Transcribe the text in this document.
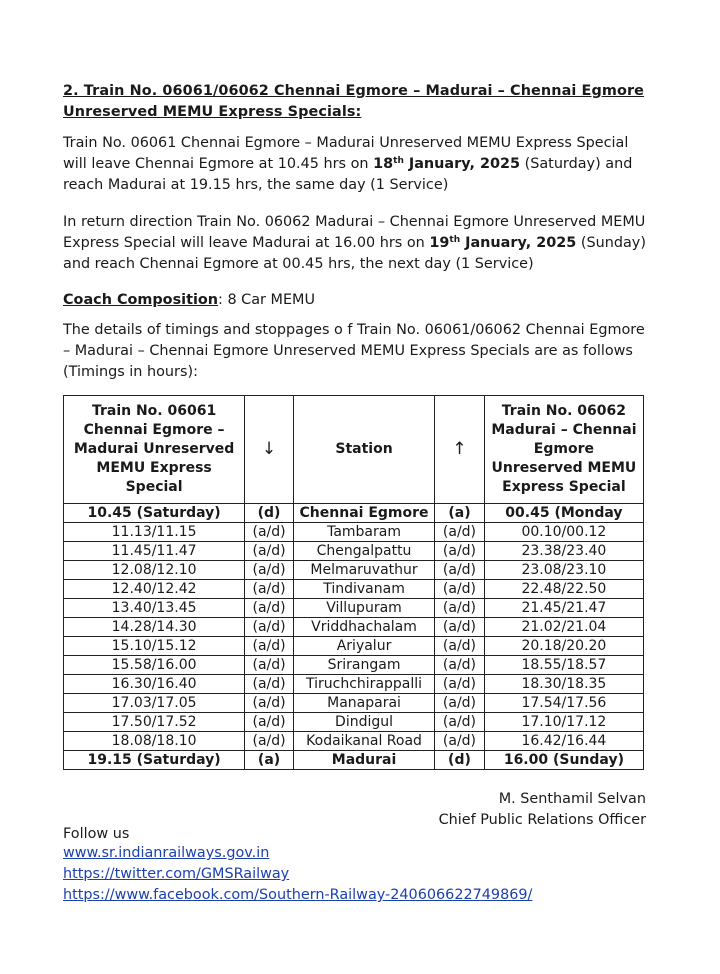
2. Train No. 06061/06062 Chennai Egmore – Madurai – Chennai Egmore Unreserved MEMU Express Specials:

Train No. 06061 Chennai Egmore – Madurai Unreserved MEMU Express Special will leave Chennai Egmore at 10.45 hrs on 18th January, 2025 (Saturday) and reach Madurai at 19.15 hrs, the same day (1 Service)

In return direction Train No. 06062 Madurai – Chennai Egmore Unreserved MEMU Express Special will leave Madurai at 16.00 hrs on 19th January, 2025 (Sunday) and reach Chennai Egmore at 00.45 hrs, the next day (1 Service)

Coach Composition: 8 Car MEMU

The details of timings and stoppages o f Train No. 06061/06062 Chennai Egmore – Madurai – Chennai Egmore Unreserved MEMU Express Specials are as follows (Timings in hours):

Train No. 06061 Chennai Egmore – Madurai Unreserved MEMU Express Special	↓	Station	↑	Train No. 06062 Madurai – Chennai Egmore Unreserved MEMU Express Special
10.45 (Saturday)	(d)	Chennai Egmore	(a)	00.45 (Monday
11.13/11.15	(a/d)	Tambaram	(a/d)	00.10/00.12
11.45/11.47	(a/d)	Chengalpattu	(a/d)	23.38/23.40
12.08/12.10	(a/d)	Melmaruvathur	(a/d)	23.08/23.10
12.40/12.42	(a/d)	Tindivanam	(a/d)	22.48/22.50
13.40/13.45	(a/d)	Villupuram	(a/d)	21.45/21.47
14.28/14.30	(a/d)	Vriddhachalam	(a/d)	21.02/21.04
15.10/15.12	(a/d)	Ariyalur	(a/d)	20.18/20.20
15.58/16.00	(a/d)	Srirangam	(a/d)	18.55/18.57
16.30/16.40	(a/d)	Tiruchchirappalli	(a/d)	18.30/18.35
17.03/17.05	(a/d)	Manaparai	(a/d)	17.54/17.56
17.50/17.52	(a/d)	Dindigul	(a/d)	17.10/17.12
18.08/18.10	(a/d)	Kodaikanal Road	(a/d)	16.42/16.44
19.15 (Saturday)	(a)	Madurai	(d)	16.00 (Sunday)
M. Senthamil Selvan
Chief Public Relations Officer
Follow us
www.sr.indianrailways.gov.in
https://twitter.com/GMSRailway
https://www.facebook.com/Southern-Railway-240606622749869/
